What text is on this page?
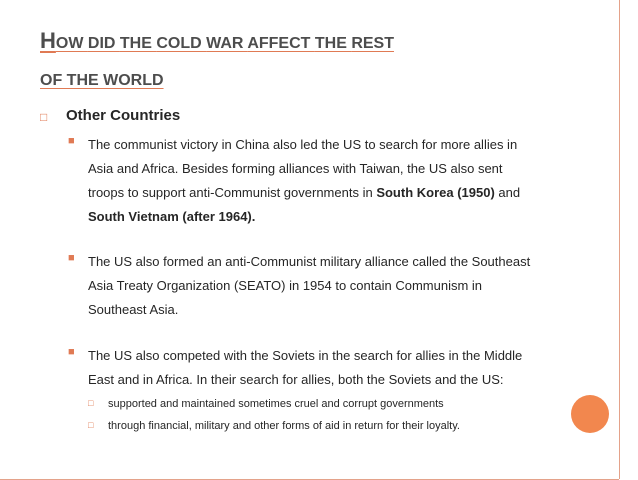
HOW DID THE COLD WAR AFFECT THE REST
OF THE WORLD
□ Other Countries
■ The communist victory in China also led the US to search for more allies in
Asia and Africa. Besides forming alliances with Taiwan, the US also sent
troops to support anti-Communist governments in South Korea (1950) and
South Vietnam (after 1964).
■ The US also formed an anti-Communist military alliance called the Southeast
Asia Treaty Organization (SEATO) in 1954 to contain Communism in
Southeast Asia.
■ The US also competed with the Soviets in the search for allies in the Middle
East and in Africa. In their search for allies, both the Soviets and the US:
□ supported and maintained sometimes cruel and corrupt governments
□ through financial, military and other forms of aid in return for their loyalty.
